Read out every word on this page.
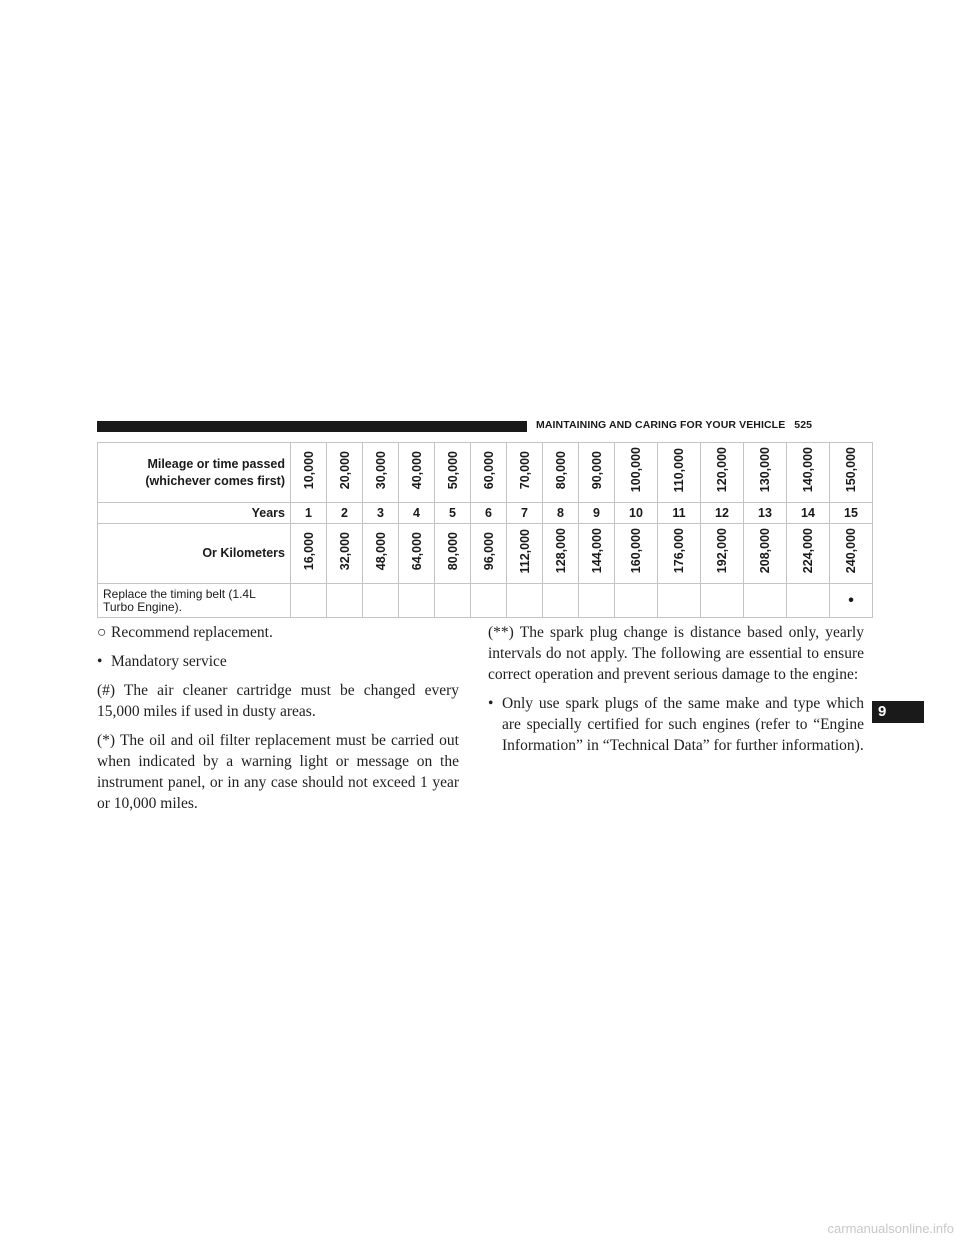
MAINTAINING AND CARING FOR YOUR VEHICLE 525
Mileage or time passed
(whichever comes first)	10,000	20,000	30,000	40,000	50,000	60,000	70,000	80,000	90,000	100,000	110,000	120,000	130,000	140,000	150,000
Years	1	2	3	4	5	6	7	8	9	10	11	12	13	14	15
Or Kilometers	16,000	32,000	48,000	64,000	80,000	96,000	112,000	128,000	144,000	160,000	176,000	192,000	208,000	224,000	240,000

Replace the timing belt (1.4L
Turbo Engine).															•

○ Recommend replacement.

• Mandatory service

(#) The air cleaner cartridge must be changed every 15,000 miles if used in dusty areas.

(*) The oil and oil filter replacement must be carried out when indicated by a warning light or message on the instrument panel, or in any case should not exceed 1 year or 10,000 miles.

(**) The spark plug change is distance based only, yearly intervals do not apply. The following are essential to ensure correct operation and prevent serious damage to the engine:

• Only use spark plugs of the same make and type which are specially certified for such engines (refer to “Engine Information” in “Technical Data” for further information).

9
carmanualsonline.info
